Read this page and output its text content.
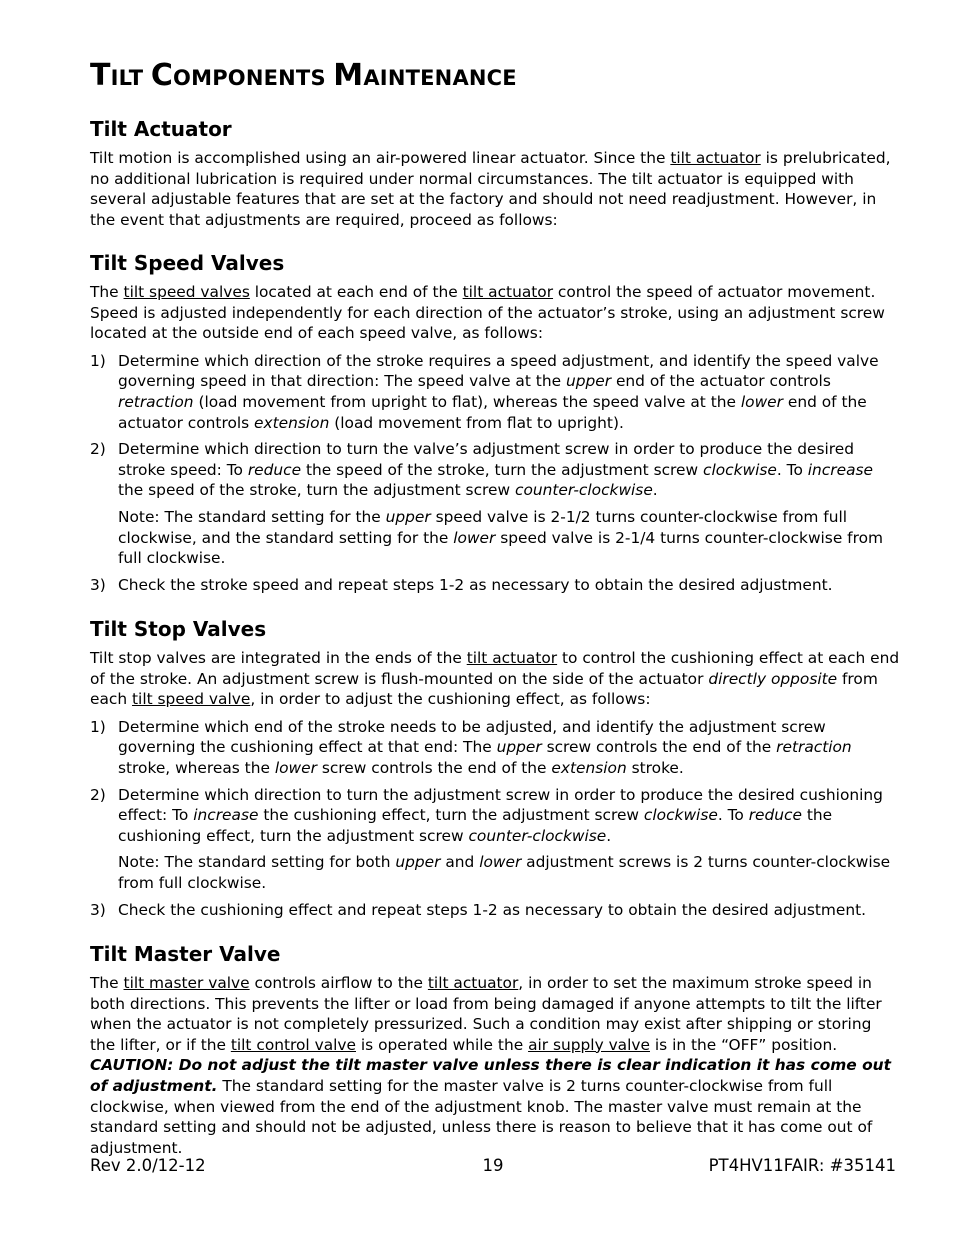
TILT COMPONENTS MAINTENANCE
Tilt Actuator

Tilt motion is accomplished using an air-powered linear actuator. Since the tilt actuator is prelubricated, no additional lubrication is required under normal circumstances. The tilt actuator is equipped with several adjustable features that are set at the factory and should not need readjustment. However, in the event that adjustments are required, proceed as follows:

Tilt Speed Valves

The tilt speed valves located at each end of the tilt actuator control the speed of actuator movement. Speed is adjusted independently for each direction of the actuator’s stroke, using an adjustment screw located at the outside end of each speed valve, as follows:

1) Determine which direction of the stroke requires a speed adjustment, and identify the speed valve governing speed in that direction: The speed valve at the upper end of the actuator controls retraction (load movement from upright to flat), whereas the speed valve at the lower end of the actuator controls extension (load movement from flat to upright).
2) Determine which direction to turn the valve’s adjustment screw in order to produce the desired stroke speed: To reduce the speed of the stroke, turn the adjustment screw clockwise. To increase the speed of the stroke, turn the adjustment screw counter-clockwise.

Note: The standard setting for the upper speed valve is 2-1/2 turns counter-clockwise from full clockwise, and the standard setting for the lower speed valve is 2-1/4 turns counter-clockwise from full clockwise.

3) Check the stroke speed and repeat steps 1-2 as necessary to obtain the desired adjustment.
Tilt Stop Valves

Tilt stop valves are integrated in the ends of the tilt actuator to control the cushioning effect at each end of the stroke. An adjustment screw is flush-mounted on the side of the actuator directly opposite from each tilt speed valve, in order to adjust the cushioning effect, as follows:

1) Determine which end of the stroke needs to be adjusted, and identify the adjustment screw governing the cushioning effect at that end: The upper screw controls the end of the retraction stroke, whereas the lower screw controls the end of the extension stroke.
2) Determine which direction to turn the adjustment screw in order to produce the desired cushioning effect: To increase the cushioning effect, turn the adjustment screw clockwise. To reduce the cushioning effect, turn the adjustment screw counter-clockwise.

Note: The standard setting for both upper and lower adjustment screws is 2 turns counter-clockwise from full clockwise.

3) Check the cushioning effect and repeat steps 1-2 as necessary to obtain the desired adjustment.
Tilt Master Valve

The tilt master valve controls airflow to the tilt actuator, in order to set the maximum stroke speed in both directions. This prevents the lifter or load from being damaged if anyone attempts to tilt the lifter when the actuator is not completely pressurized. Such a condition may exist after shipping or storing the lifter, or if the tilt control valve is operated while the air supply valve is in the “OFF” position. CAUTION: Do not adjust the tilt master valve unless there is clear indication it has come out of adjustment. The standard setting for the master valve is 2 turns counter-clockwise from full clockwise, when viewed from the end of the adjustment knob. The master valve must remain at the standard setting and should not be adjusted, unless there is reason to believe that it has come out of adjustment.

Rev 2.0/12-12	19	PT4HV11FAIR: #35141
